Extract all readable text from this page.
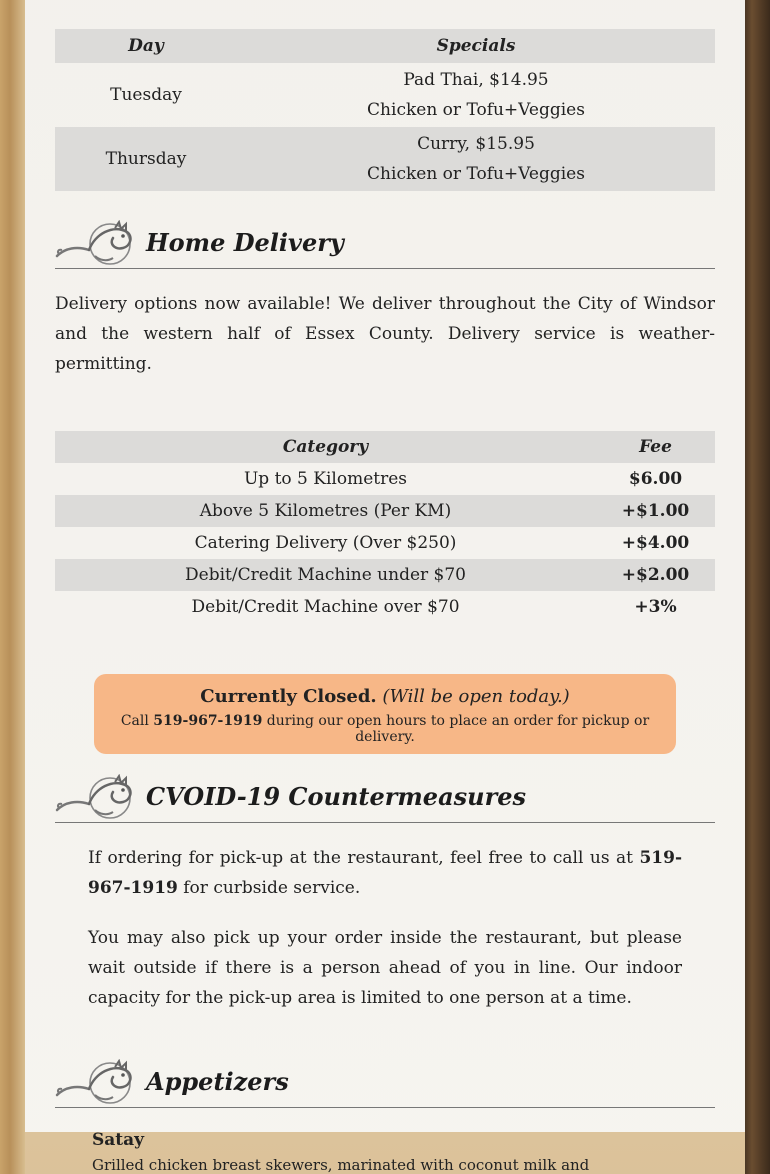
Day	Specials
Tuesday	Pad Thai, $14.95
Chicken or Tofu+Veggies

Thursday	Curry, $15.95
Chicken or Tofu+Veggies
Home Delivery

Delivery options now available! We deliver throughout the City of Windsor and the western half of Essex County. Delivery service is weather-permitting.

Category	Fee
Up to 5 Kilometres	$6.00
Above 5 Kilometres (Per KM)	+$1.00
Catering Delivery (Over $250)	+$4.00
Debit/Credit Machine under $70	+$2.00
Debit/Credit Machine over $70	+3%
Currently Closed. (Will be open today.)
Call 519-967-1919 during our open hours to place an order for pickup or delivery.
CVOID-19 Countermeasures

If ordering for pick-up at the restaurant, feel free to call us at 519-967-1919 for curbside service.

You may also pick up your order inside the restaurant, but please wait outside if there is a person ahead of you in line. Our indoor capacity for the pick-up area is limited to one person at a time.

Appetizers
Satay
Grilled chicken breast skewers, marinated with coconut milk and
